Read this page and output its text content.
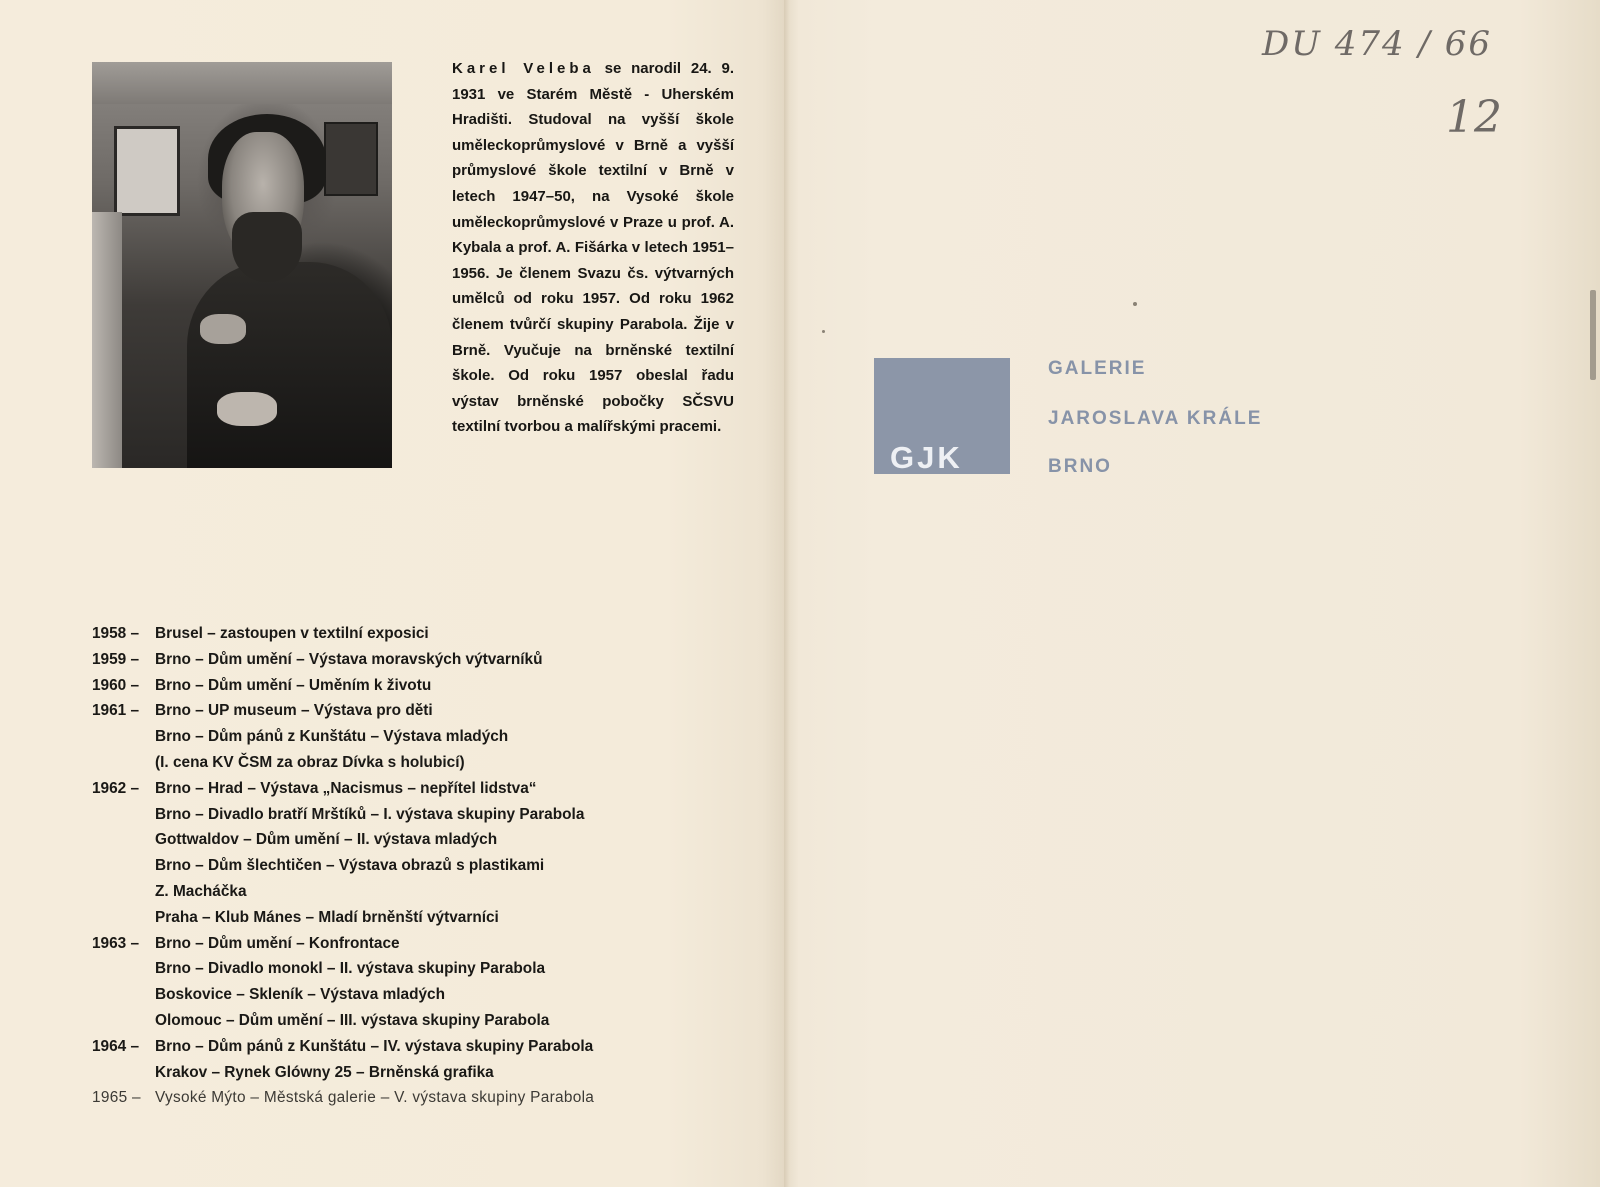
Karel Veleba se narodil 24. 9. 1931 ve Starém Městě - Uherském Hradišti. Studoval na vyšší škole uměleckoprůmyslové v Brně a vyšší průmyslové škole textilní v Brně v letech 1947–50, na Vysoké škole uměleckoprůmyslové v Praze u prof. A. Kybala a prof. A. Fišárka v letech 1951–1956. Je členem Svazu čs. výtvarných umělců od roku 1957. Od roku 1962 členem tvůrčí skupiny Parabola. Žije v Brně. Vyučuje na brněnské textilní škole. Od roku 1957 obeslal řadu výstav brněnské pobočky SČSVU textilní tvorbou a malířskými pracemi.
1958 –	Brusel – zastoupen v textilní exposici
1959 –	Brno – Dům umění – Výstava moravských výtvarníků
1960 –	Brno – Dům umění – Uměním k životu
1961 –	Brno – UP museum – Výstava pro děti
Brno – Dům pánů z Kunštátu – Výstava mladých
(I. cena KV ČSM za obraz Dívka s holubicí)
1962 –	Brno – Hrad – Výstava „Nacismus – nepřítel lidstva“
Brno – Divadlo bratří Mrštíků – I. výstava skupiny Parabola
Gottwaldov – Dům umění – II. výstava mladých
Brno – Dům šlechtičen – Výstava obrazů s plastikami
Z. Macháčka
Praha – Klub Mánes – Mladí brněnští výtvarníci
1963 –	Brno – Dům umění – Konfrontace
Brno – Divadlo monokl – II. výstava skupiny Parabola
Boskovice – Skleník – Výstava mladých
Olomouc – Dům umění – III. výstava skupiny Parabola
1964 –	Brno – Dům pánů z Kunštátu – IV. výstava skupiny Parabola
Krakov – Rynek Glówny 25 – Brněnská grafika
1965 – Vysoké Mýto – Městská galerie – V. výstava skupiny Parabola
GJK
GALERIE
JAROSLAVA KRÁLE
BRNO
DU 474 / 66
12
